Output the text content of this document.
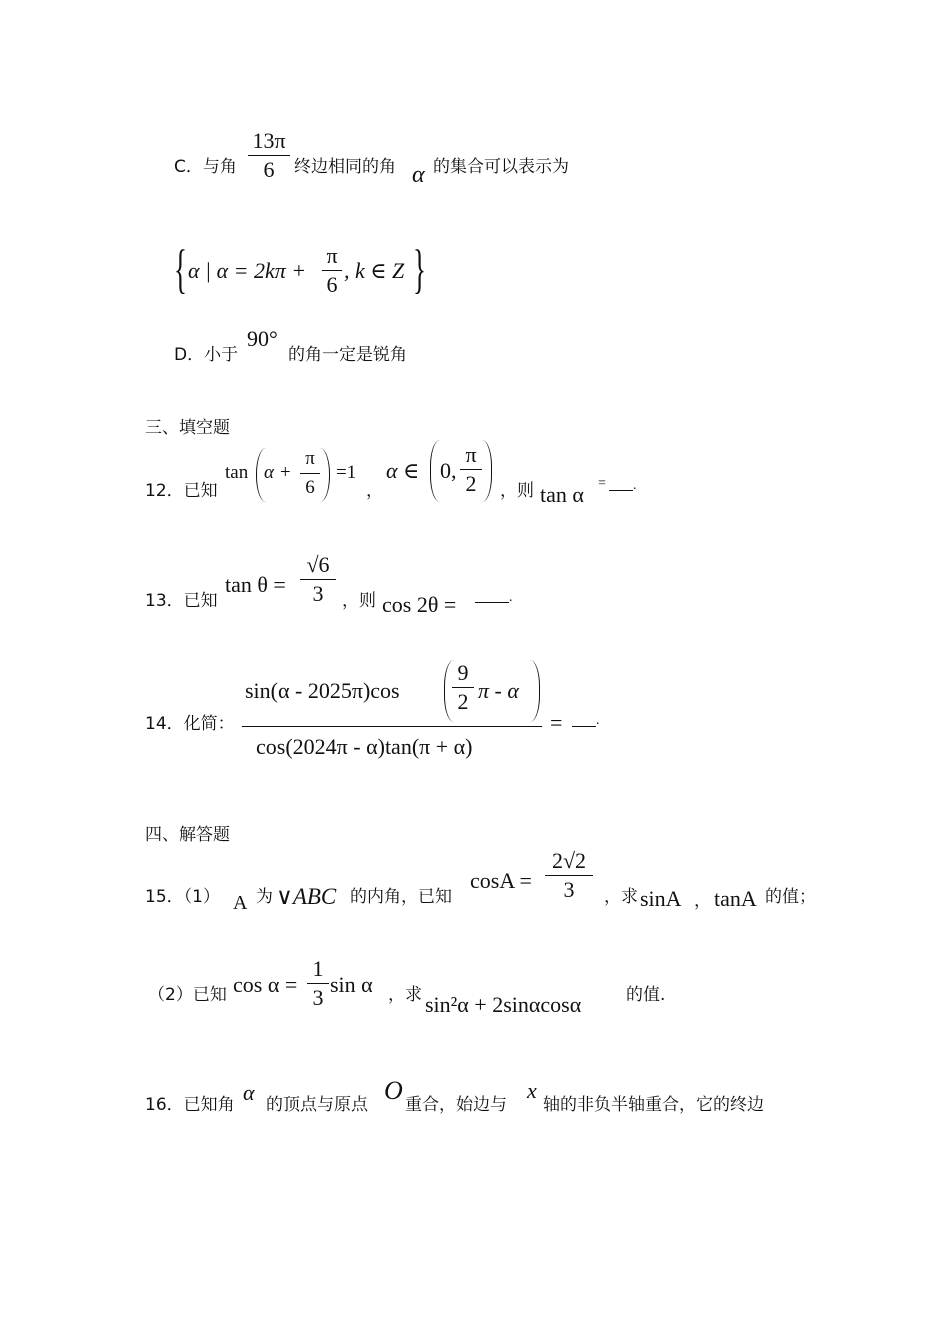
C．与角
13π
6	终边相同的角 α 的集合可以表示为
{ α | α = 2kπ +
π
6
, k ∈ Z }
D．小于
90°
的角一定是锐角
三、填空题
12．已知
tan α +
π
6
=1
，
α ∈ 0,
π
2	，则 tan α = .
13．已知
tan θ =
√6
3	，则 cos 2θ =	.
14．化简：
sin(α - 2025π)cos
9
2 π - α
cos(2024π - α)tan(π + α)
= .
四、解答题
15．（1） A 为 ∨ABC 的内角，已知
cosA =
2√2
3	，求 sinA ， tanA 的值；
（2）已知 cos α =
1
3
sin α ，求 sin²α + 2sinαcosα	的值.
16．已知角 α 的顶点与原点 O 重合，始边与
x
轴的非负半轴重合，它的终边
